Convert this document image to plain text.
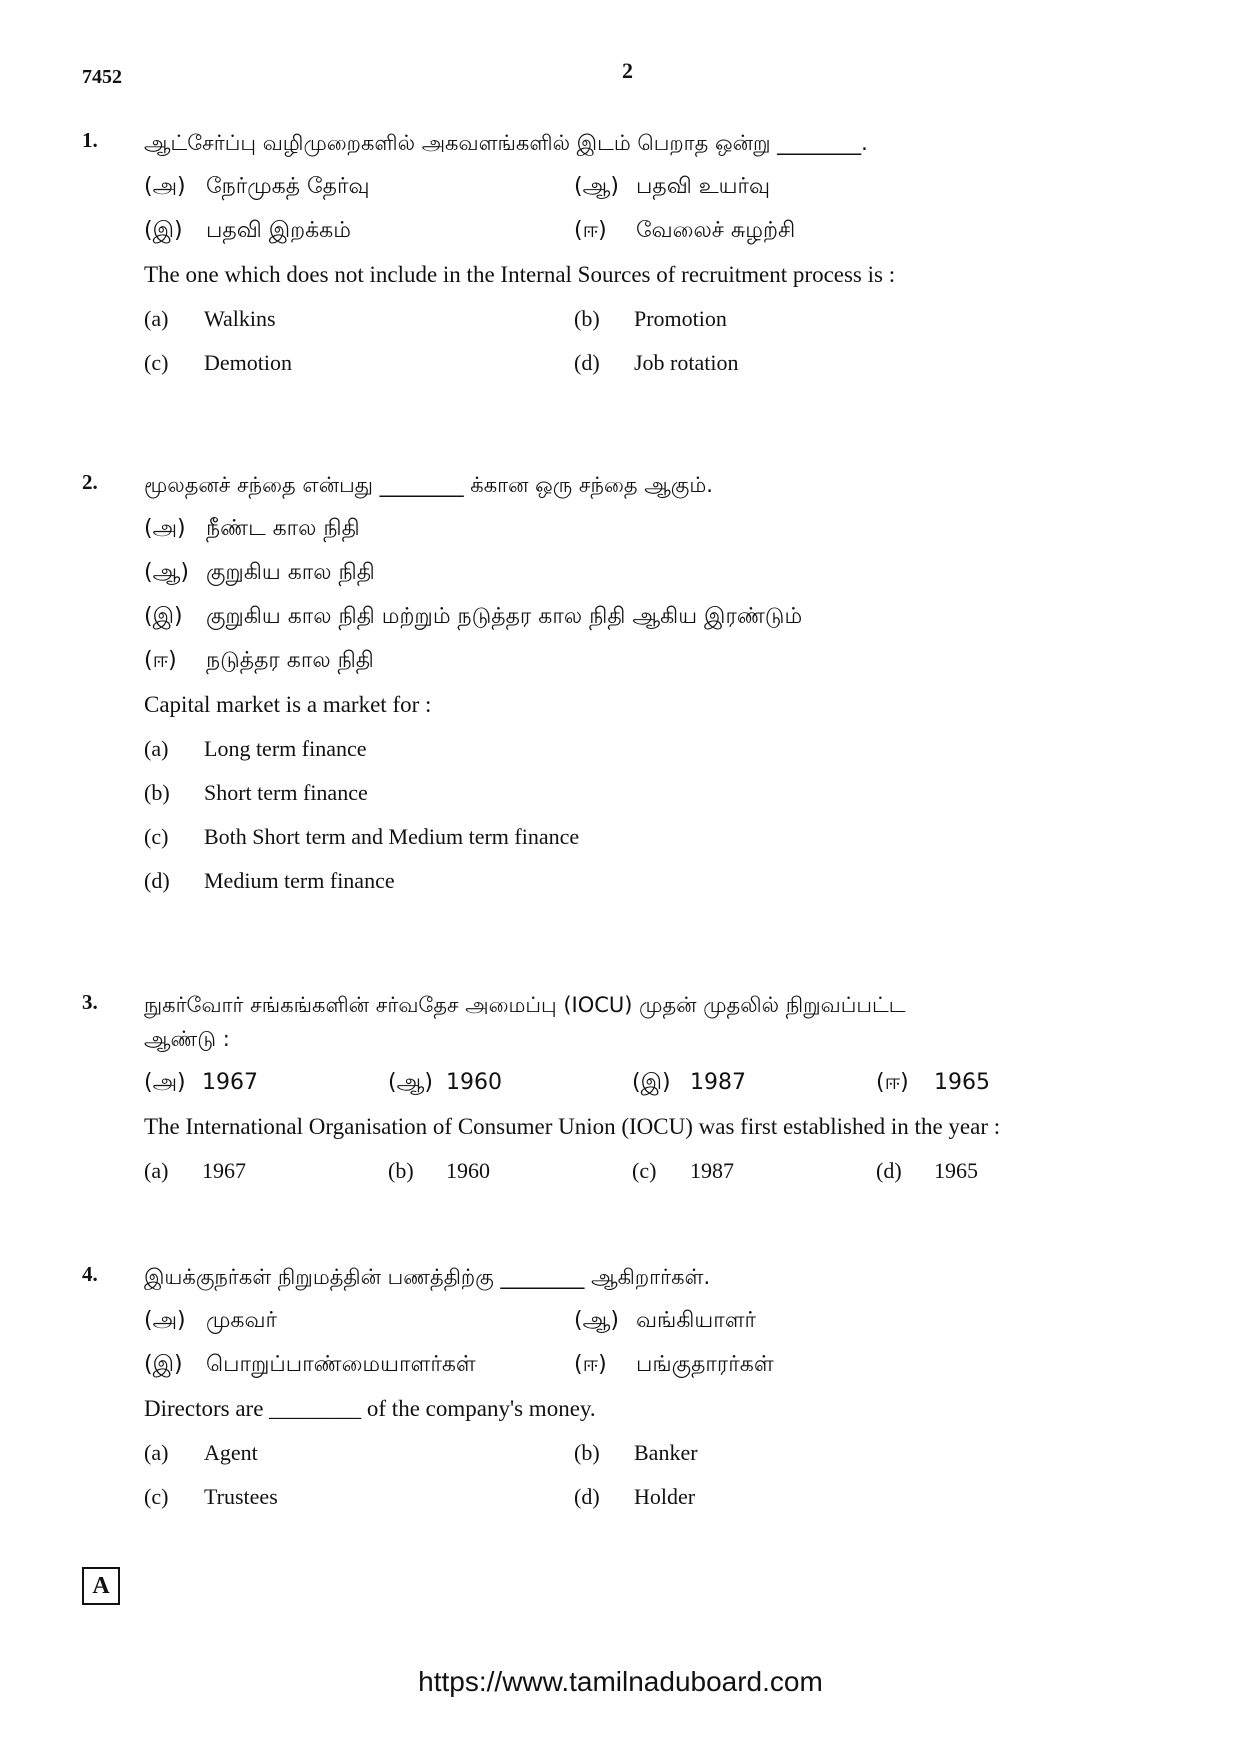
7452	2
1. ஆட்சேர்ப்பு வழிமுறைகளில் அகவளங்களில் இடம் பெறாத ஒன்று ________.
(அ) நேர்முகத் தேர்வு	(ஆ) பதவி உயர்வு
(இ)	பதவி இறக்கம்	(ஈ)	வேலைச் சுழற்சி
The one which does not include in the Internal Sources of recruitment process is :
(a)	Walkins	(b)	Promotion
(c)	Demotion	(d)	Job rotation
2. மூலதனச் சந்தை என்பது ________ க்கான ஒரு சந்தை ஆகும்.
(அ) நீண்ட கால நிதி
(ஆ) குறுகிய கால நிதி
(இ)	குறுகிய கால நிதி மற்றும் நடுத்தர கால நிதி ஆகிய இரண்டும்
(ஈ)	நடுத்தர கால நிதி
Capital market is a market for :
(a)	Long term finance
(b)	Short term finance
(c)	Both Short term and Medium term finance
(d)	Medium term finance
3. நுகர்வோர் சங்கங்களின் சர்வதேச அமைப்பு (IOCU) முதன் முதலில் நிறுவப்பட்ட
ஆண்டு :
(அ) 1967	(ஆ) 1960	(இ) 1987	(ஈ)	1965
The International Organisation of Consumer Union (IOCU) was first established in the year :
(a)	1967	(b)	1960	(c)	1987	(d)	1965
4. இயக்குநர்கள் நிறுமத்தின் பணத்திற்கு ________ ஆகிறார்கள்.
(அ) முகவர்	(ஆ) வங்கியாளர்
(இ)	பொறுப்பாண்மையாளர்கள்	(ஈ)	பங்குதாரர்கள்
Directors are ________ of the company's money.
(a)	Agent	(b)	Banker
(c)	Trustees	(d)	Holder
A
https://www.tamilnaduboard.com
